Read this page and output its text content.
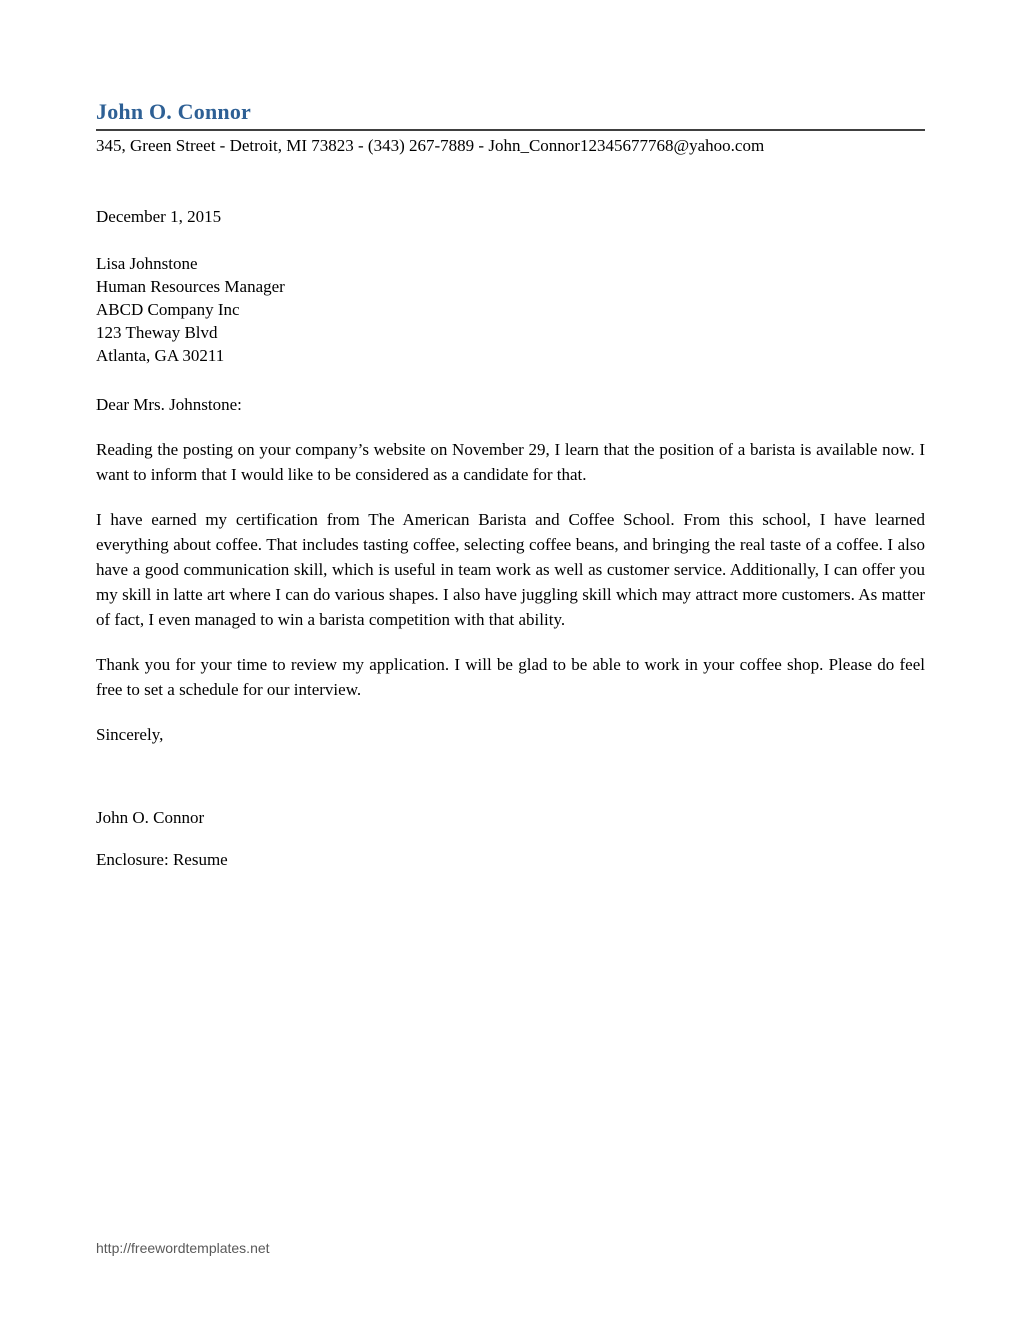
John O. Connor
345, Green Street - Detroit, MI 73823 - (343) 267-7889 - John_Connor12345677768@yahoo.com
December 1, 2015
Lisa Johnstone
Human Resources Manager
ABCD Company Inc
123 Theway Blvd
Atlanta, GA 30211
Dear Mrs. Johnstone:

Reading the posting on your company’s website on November 29, I learn that the position of a barista is available now. I want to inform that I would like to be considered as a candidate for that.

I have earned my certification from The American Barista and Coffee School. From this school, I have learned everything about coffee. That includes tasting coffee, selecting coffee beans, and bringing the real taste of a coffee. I also have a good communication skill, which is useful in team work as well as customer service. Additionally, I can offer you my skill in latte art where I can do various shapes. I also have juggling skill which may attract more customers. As matter of fact, I even managed to win a barista competition with that ability.

Thank you for your time to review my application. I will be glad to be able to work in your coffee shop. Please do feel free to set a schedule for our interview.

Sincerely,
John O. Connor
Enclosure: Resume
http://freewordtemplates.net
